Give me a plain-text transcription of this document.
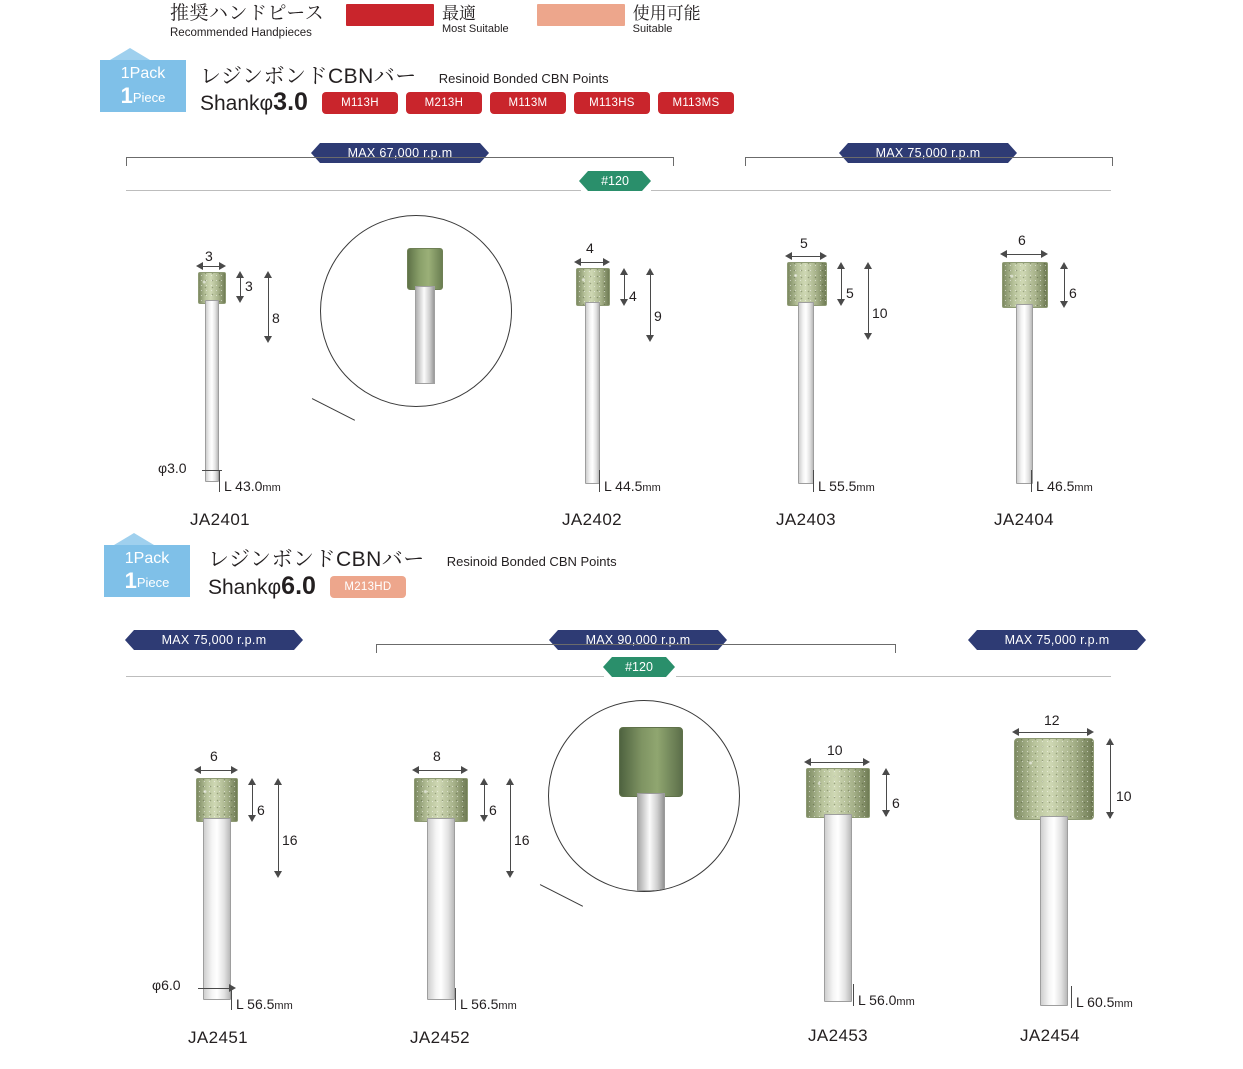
推奨ハンドピース
Recommended Handpieces
最適
Most Suitable
使用可能
Suitable
1Pack
1Piece
レジンボンドCBNバー Resinoid Bonded CBN Points
Shankφ3.0	M113H	M213H	M113M	M113HS	M113MS
MAX 67,000 r.p.m	MAX 75,000 r.p.m
#120
3
3
8
φ3.0
L 43.0mm
JA2401
4
4
9
L 44.5mm
JA2402
5
5
10
L 55.5mm
JA2403
6
6
L 46.5mm
JA2404
1Pack
1Piece
レジンボンドCBNバー Resinoid Bonded CBN Points
Shankφ6.0	M213HD
MAX 75,000 r.p.m	MAX 90,000 r.p.m	MAX 75,000 r.p.m
#120
6
6
16
φ6.0
L 56.5mm
JA2451
8
6
16
L 56.5mm
JA2452
10
6
L 56.0mm
JA2453
12
10
L 60.5mm
JA2454
